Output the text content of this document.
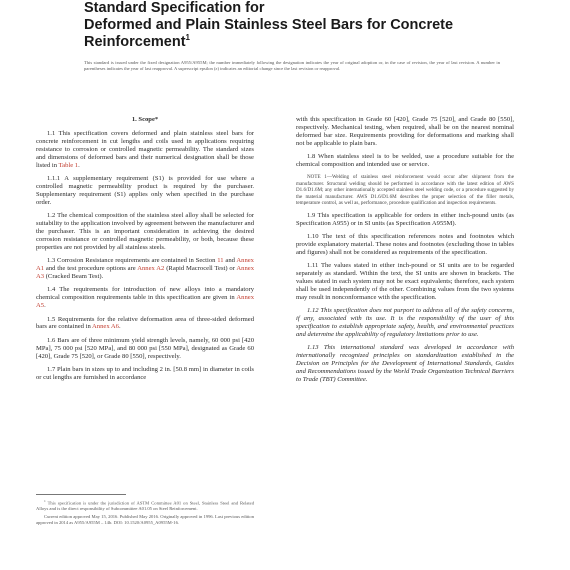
Standard Specification for
Deformed and Plain Stainless Steel Bars for Concrete
Reinforcement$^1$
This standard is issued under the fixed designation A955/A955M; the number immediately following the designation indicates the year of original adoption or, in the case of revision, the year of last revision. A number in parentheses indicates the year of last reapproval. A superscript epsilon (ε) indicates an editorial change since the last revision or reapproval.

1. Scope*

1.1 This specification covers deformed and plain stainless steel bars for concrete reinforcement in cut lengths and coils used in applications requiring resistance to corrosion or controlled magnetic permeability. The standard sizes and dimensions of deformed bars and their numerical designation shall be those listed in Table 1.

1.1.1 A supplementary requirement (S1) is provided for use where a controlled magnetic permeability product is required by the purchaser. Supplementary requirement (S1) applies only when specified in the purchase order.

1.2 The chemical composition of the stainless steel alloy shall be selected for suitability to the application involved by agreement between the manufacturer and the purchaser. This is an important consideration in achieving the desired corrosion resistance or controlled magnetic permeability, or both, because these properties are not provided by all stainless steels.

1.3 Corrosion Resistance requirements are contained in Section 11 and Annex A1 and the test procedure options are Annex A2 (Rapid Macrocell Test) or Annex A3 (Cracked Beam Test).

1.4 The requirements for introduction of new alloys into a mandatory chemical composition requirements table in this specification are given in Annex A5.

1.5 Requirements for the relative deformation area of three-sided deformed bars are contained in Annex A6.

1.6 Bars are of three minimum yield strength levels, namely, 60 000 psi [420 MPa], 75 000 psi [520 MPa], and 80 000 psi [550 MPa], designated as Grade 60 [420], Grade 75 [520], or Grade 80 [550], respectively.

1.7 Plain bars in sizes up to and including 2 in. [50.8 mm] in diameter in coils or cut lengths are furnished in accordance

with this specification in Grade 60 [420], Grade 75 [520], and Grade 80 [550], respectively. Mechanical testing, when required, shall be on the nearest nominal deformed bar size. Requirements providing for deformations and marking shall not be applicable to plain bars.

1.8 When stainless steel is to be welded, use a procedure suitable for the chemical composition and intended use or service.

NOTE 1—Welding of stainless steel reinforcement would occur after shipment from the manufacturer. Structural welding should be performed in accordance with the latest edition of AWS D1.6/D1.6M; any other internationally accepted stainless steel welding code, or a procedure suggested by the material manufacturer. AWS D1.6/D1.6M describes the proper selection of the filler metals, temperature control, as well as, performance, procedure qualification and inspection requirements.

1.9 This specification is applicable for orders in either inch-pound units (as Specification A955) or in SI units (as Specification A955M).

1.10 The text of this specification references notes and footnotes which provide explanatory material. These notes and footnotes (excluding those in tables and figures) shall not be considered as requirements of the specification.

1.11 The values stated in either inch-pound or SI units are to be regarded separately as standard. Within the text, the SI units are shown in brackets. The values stated in each system may not be exact equivalents; therefore, each system shall be used independently of the other. Combining values from the two systems may result in nonconformance with the specification.

1.12 This specification does not purport to address all of the safety concerns, if any, associated with its use. It is the responsibility of the user of this specification to establish appropriate safety, health, and environmental practices and determine the applicability of regulatory limitations prior to use.

1.13 This international standard was developed in accordance with internationally recognized principles on standardization established in the Decision on Principles for the Development of International Standards, Guides and Recommendations issued by the World Trade Organization Technical Barriers to Trade (TBT) Committee.

$^1$ This specification is under the jurisdiction of ASTM Committee A01 on Steel, Stainless Steel and Related Alloys and is the direct responsibility of Subcommittee A01.05 on Steel Reinforcement.

Current edition approved May 15, 2016. Published May 2016. Originally approved in 1996. Last previous edition approved in 2014 as A955/A955M – 14b. DOI: 10.1520/A0955_A0955M-16.
